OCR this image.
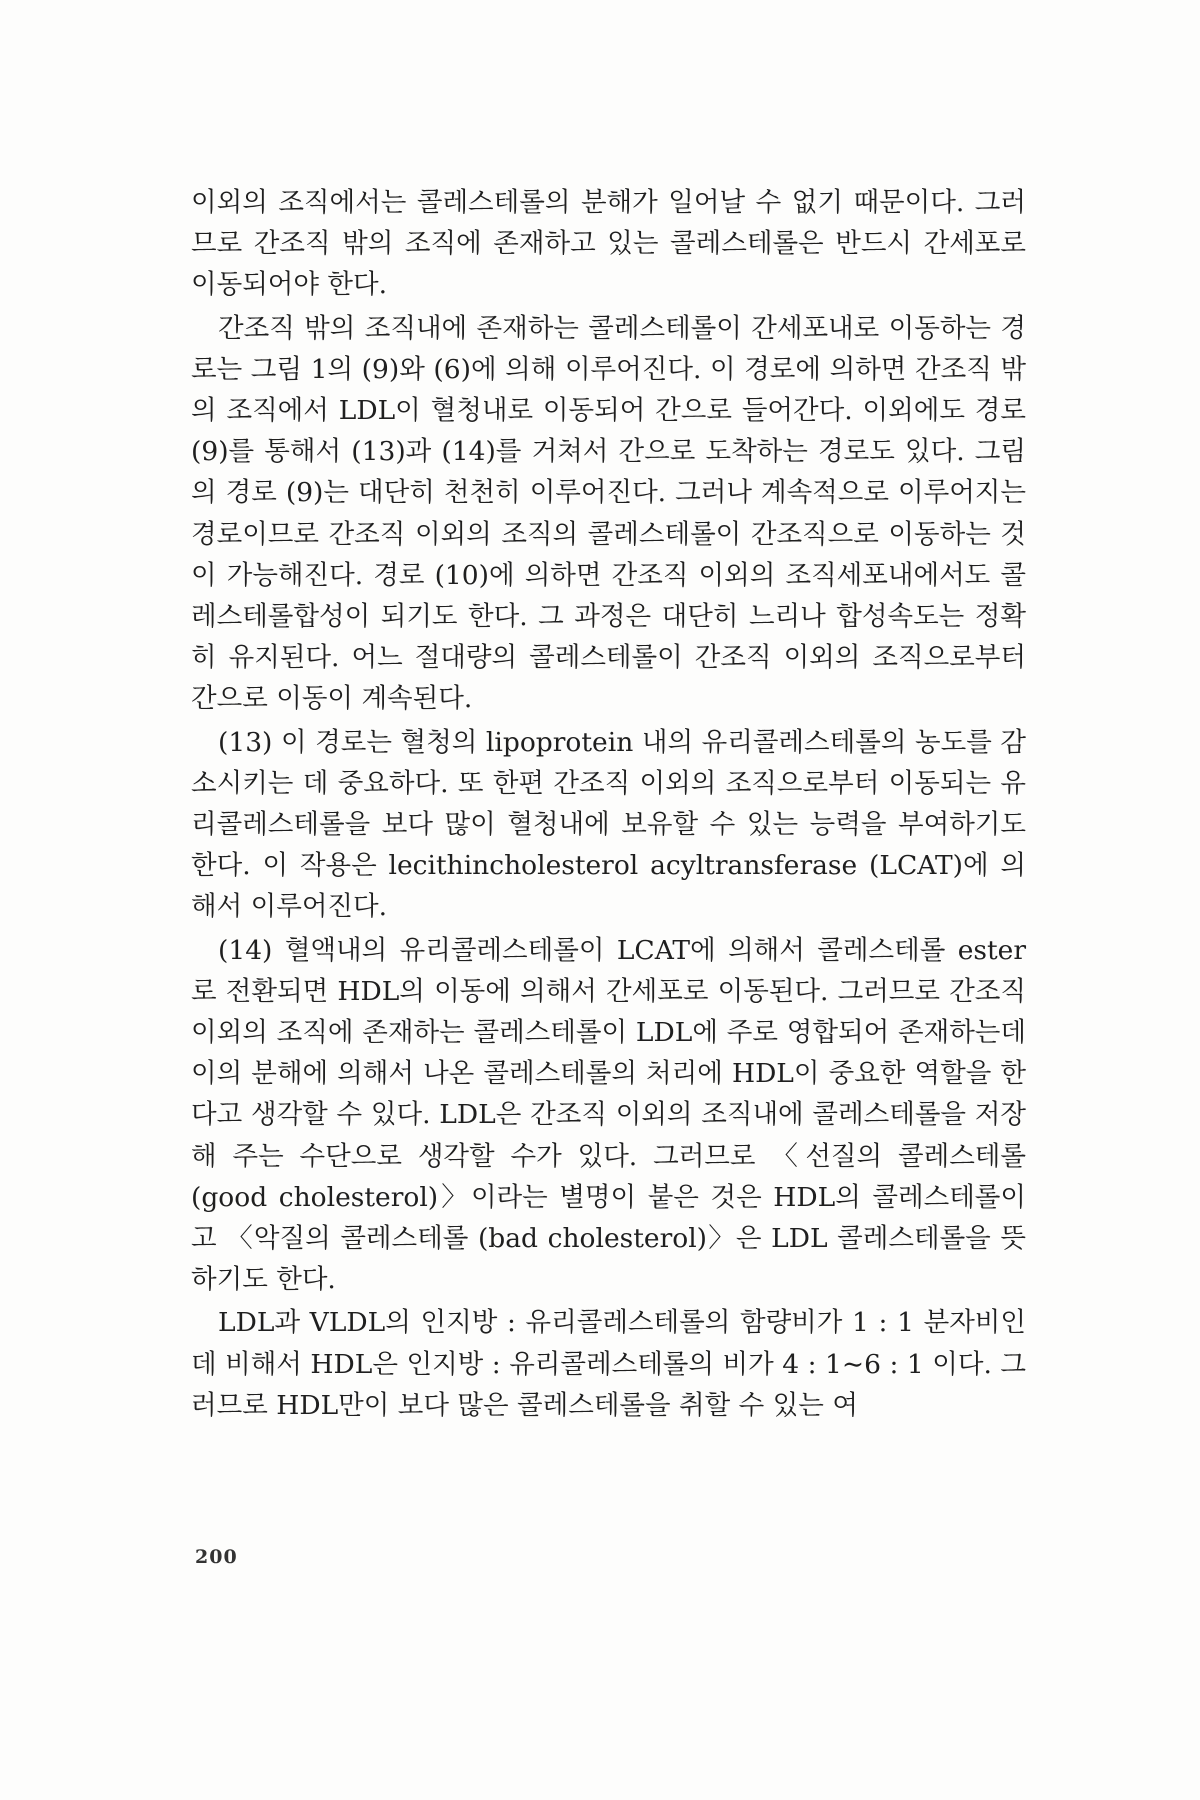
이외의 조직에서는 콜레스테롤의 분해가 일어날 수 없기 때문이다. 그러므로 간조직 밖의 조직에 존재하고 있는 콜레스테롤은 반드시 간세포로 이동되어야 한다.

간조직 밖의 조직내에 존재하는 콜레스테롤이 간세포내로 이동하는 경로는 그림 1의 (9)와 (6)에 의해 이루어진다. 이 경로에 의하면 간조직 밖의 조직에서 LDL이 혈청내로 이동되어 간으로 들어간다. 이외에도 경로 (9)를 통해서 (13)과 (14)를 거쳐서 간으로 도착하는 경로도 있다. 그림의 경로 (9)는 대단히 천천히 이루어진다. 그러나 계속적으로 이루어지는 경로이므로 간조직 이외의 조직의 콜레스테롤이 간조직으로 이동하는 것이 가능해진다. 경로 (10)에 의하면 간조직 이외의 조직세포내에서도 콜레스테롤합성이 되기도 한다. 그 과정은 대단히 느리나 합성속도는 정확히 유지된다. 어느 절대량의 콜레스테롤이 간조직 이외의 조직으로부터 간으로 이동이 계속된다.

(13) 이 경로는 혈청의 lipoprotein 내의 유리콜레스테롤의 농도를 감소시키는 데 중요하다. 또 한편 간조직 이외의 조직으로부터 이동되는 유리콜레스테롤을 보다 많이 혈청내에 보유할 수 있는 능력을 부여하기도 한다. 이 작용은 lecithincholesterol acyltransferase (LCAT)에 의해서 이루어진다.

(14) 혈액내의 유리콜레스테롤이 LCAT에 의해서 콜레스테롤 ester로 전환되면 HDL의 이동에 의해서 간세포로 이동된다. 그러므로 간조직 이외의 조직에 존재하는 콜레스테롤이 LDL에 주로 영합되어 존재하는데 이의 분해에 의해서 나온 콜레스테롤의 처리에 HDL이 중요한 역할을 한다고 생각할 수 있다. LDL은 간조직 이외의 조직내에 콜레스테롤을 저장해 주는 수단으로 생각할 수가 있다. 그러므로 〈선질의 콜레스테롤(good cholesterol)〉이라는 별명이 붙은 것은 HDL의 콜레스테롤이고 〈악질의 콜레스테롤 (bad cholesterol)〉은 LDL 콜레스테롤을 뜻하기도 한다.

LDL과 VLDL의 인지방 : 유리콜레스테롤의 함량비가 1 : 1 분자비인데 비해서 HDL은 인지방 : 유리콜레스테롤의 비가 4 : 1∼6 : 1 이다. 그러므로 HDL만이 보다 많은 콜레스테롤을 취할 수 있는 여

200
